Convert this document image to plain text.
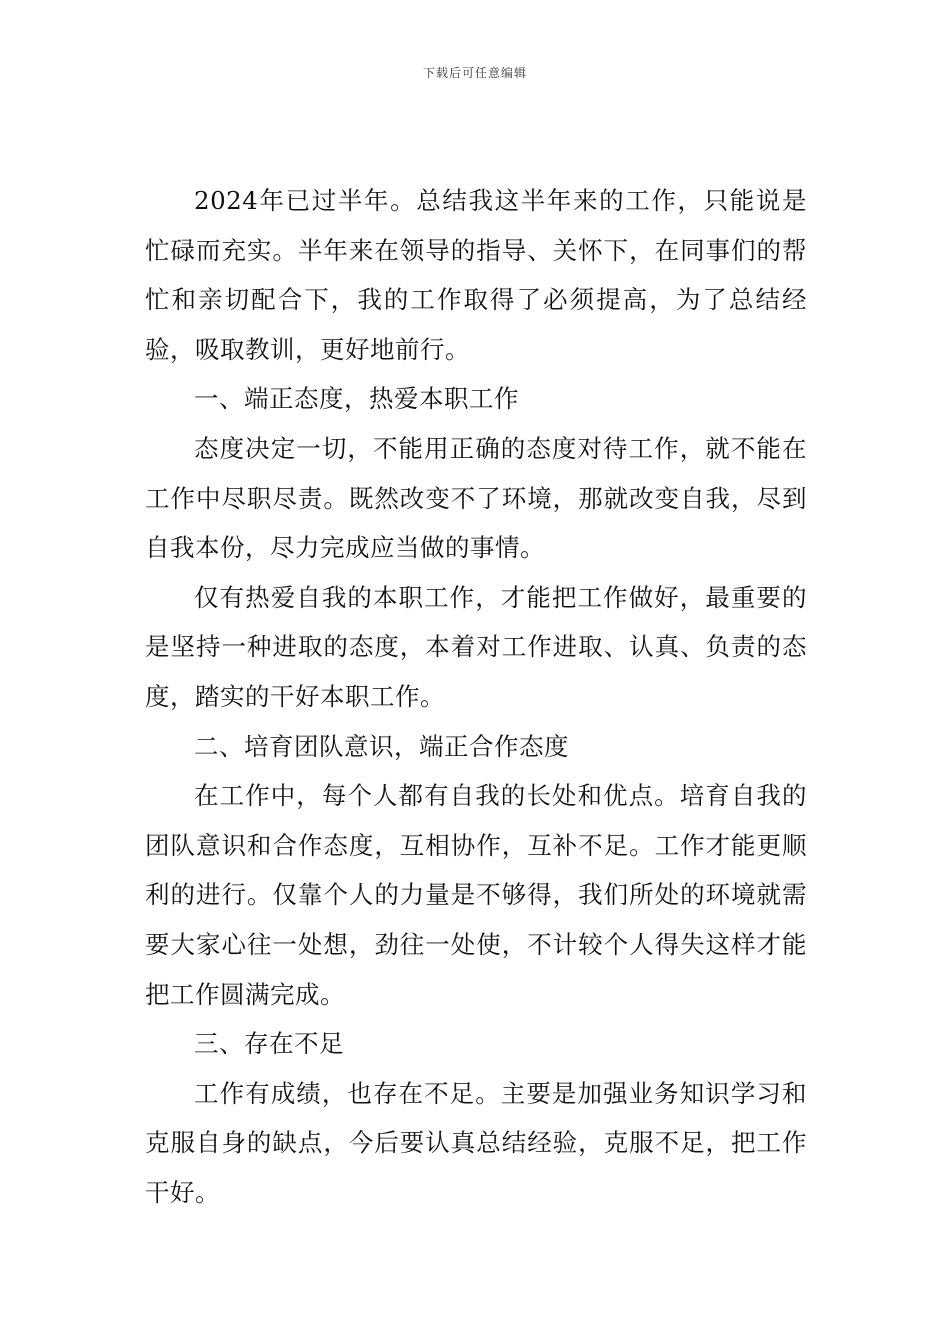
下载后可任意编辑

2024年已过半年。总结我这半年来的工作，只能说是忙碌而充实。半年来在领导的指导、关怀下，在同事们的帮忙和亲切配合下，我的工作取得了必须提高，为了总结经验，吸取教训，更好地前行。

一、端正态度，热爱本职工作

态度决定一切，不能用正确的态度对待工作，就不能在工作中尽职尽责。既然改变不了环境，那就改变自我，尽到自我本份，尽力完成应当做的事情。

仅有热爱自我的本职工作，才能把工作做好，最重要的是坚持一种进取的态度，本着对工作进取、认真、负责的态度，踏实的干好本职工作。

二、培育团队意识，端正合作态度

在工作中，每个人都有自我的长处和优点。培育自我的团队意识和合作态度，互相协作，互补不足。工作才能更顺利的进行。仅靠个人的力量是不够得，我们所处的环境就需要大家心往一处想，劲往一处使，不计较个人得失这样才能把工作圆满完成。

三、存在不足

工作有成绩，也存在不足。主要是加强业务知识学习和克服自身的缺点，今后要认真总结经验，克服不足，把工作干好。
